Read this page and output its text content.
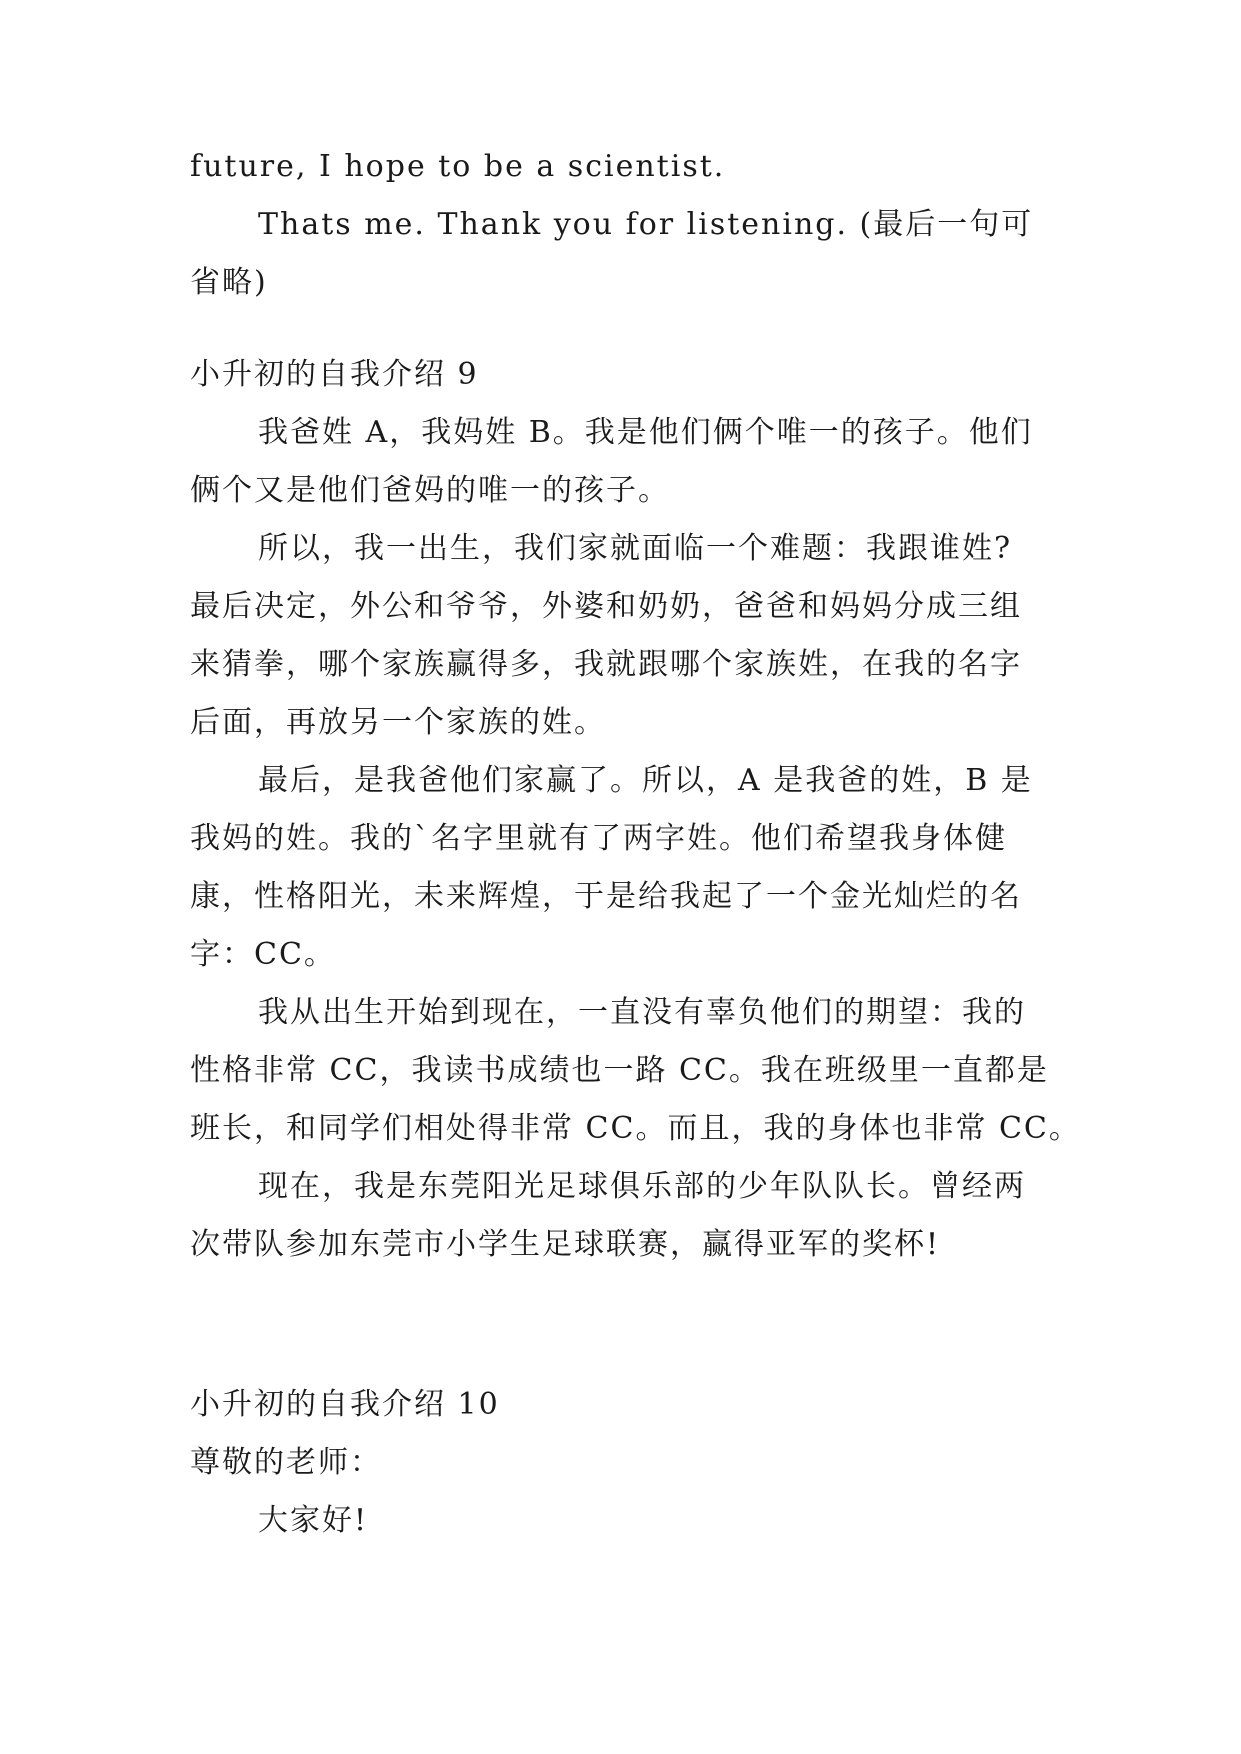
future, I hope to be a scientist.
Thats me. Thank you for listening. (最后一句可
省略)
小升初的自我介绍 9
我爸姓 A，我妈姓 B。我是他们俩个唯一的孩子。他们
俩个又是他们爸妈的唯一的孩子。
所以，我一出生，我们家就面临一个难题：我跟谁姓?
最后决定，外公和爷爷，外婆和奶奶，爸爸和妈妈分成三组
来猜拳，哪个家族赢得多，我就跟哪个家族姓，在我的名字
后面，再放另一个家族的姓。
最后，是我爸他们家赢了。所以，A 是我爸的姓，B 是
我妈的姓。我的`名字里就有了两字姓。他们希望我身体健
康，性格阳光，未来辉煌，于是给我起了一个金光灿烂的名
字：CC。
我从出生开始到现在，一直没有辜负他们的期望：我的
性格非常 CC，我读书成绩也一路 CC。我在班级里一直都是
班长，和同学们相处得非常 CC。而且，我的身体也非常 CC。
现在，我是东莞阳光足球俱乐部的少年队队长。曾经两
次带队参加东莞市小学生足球联赛，赢得亚军的奖杯!
小升初的自我介绍 10
尊敬的老师：
大家好!
